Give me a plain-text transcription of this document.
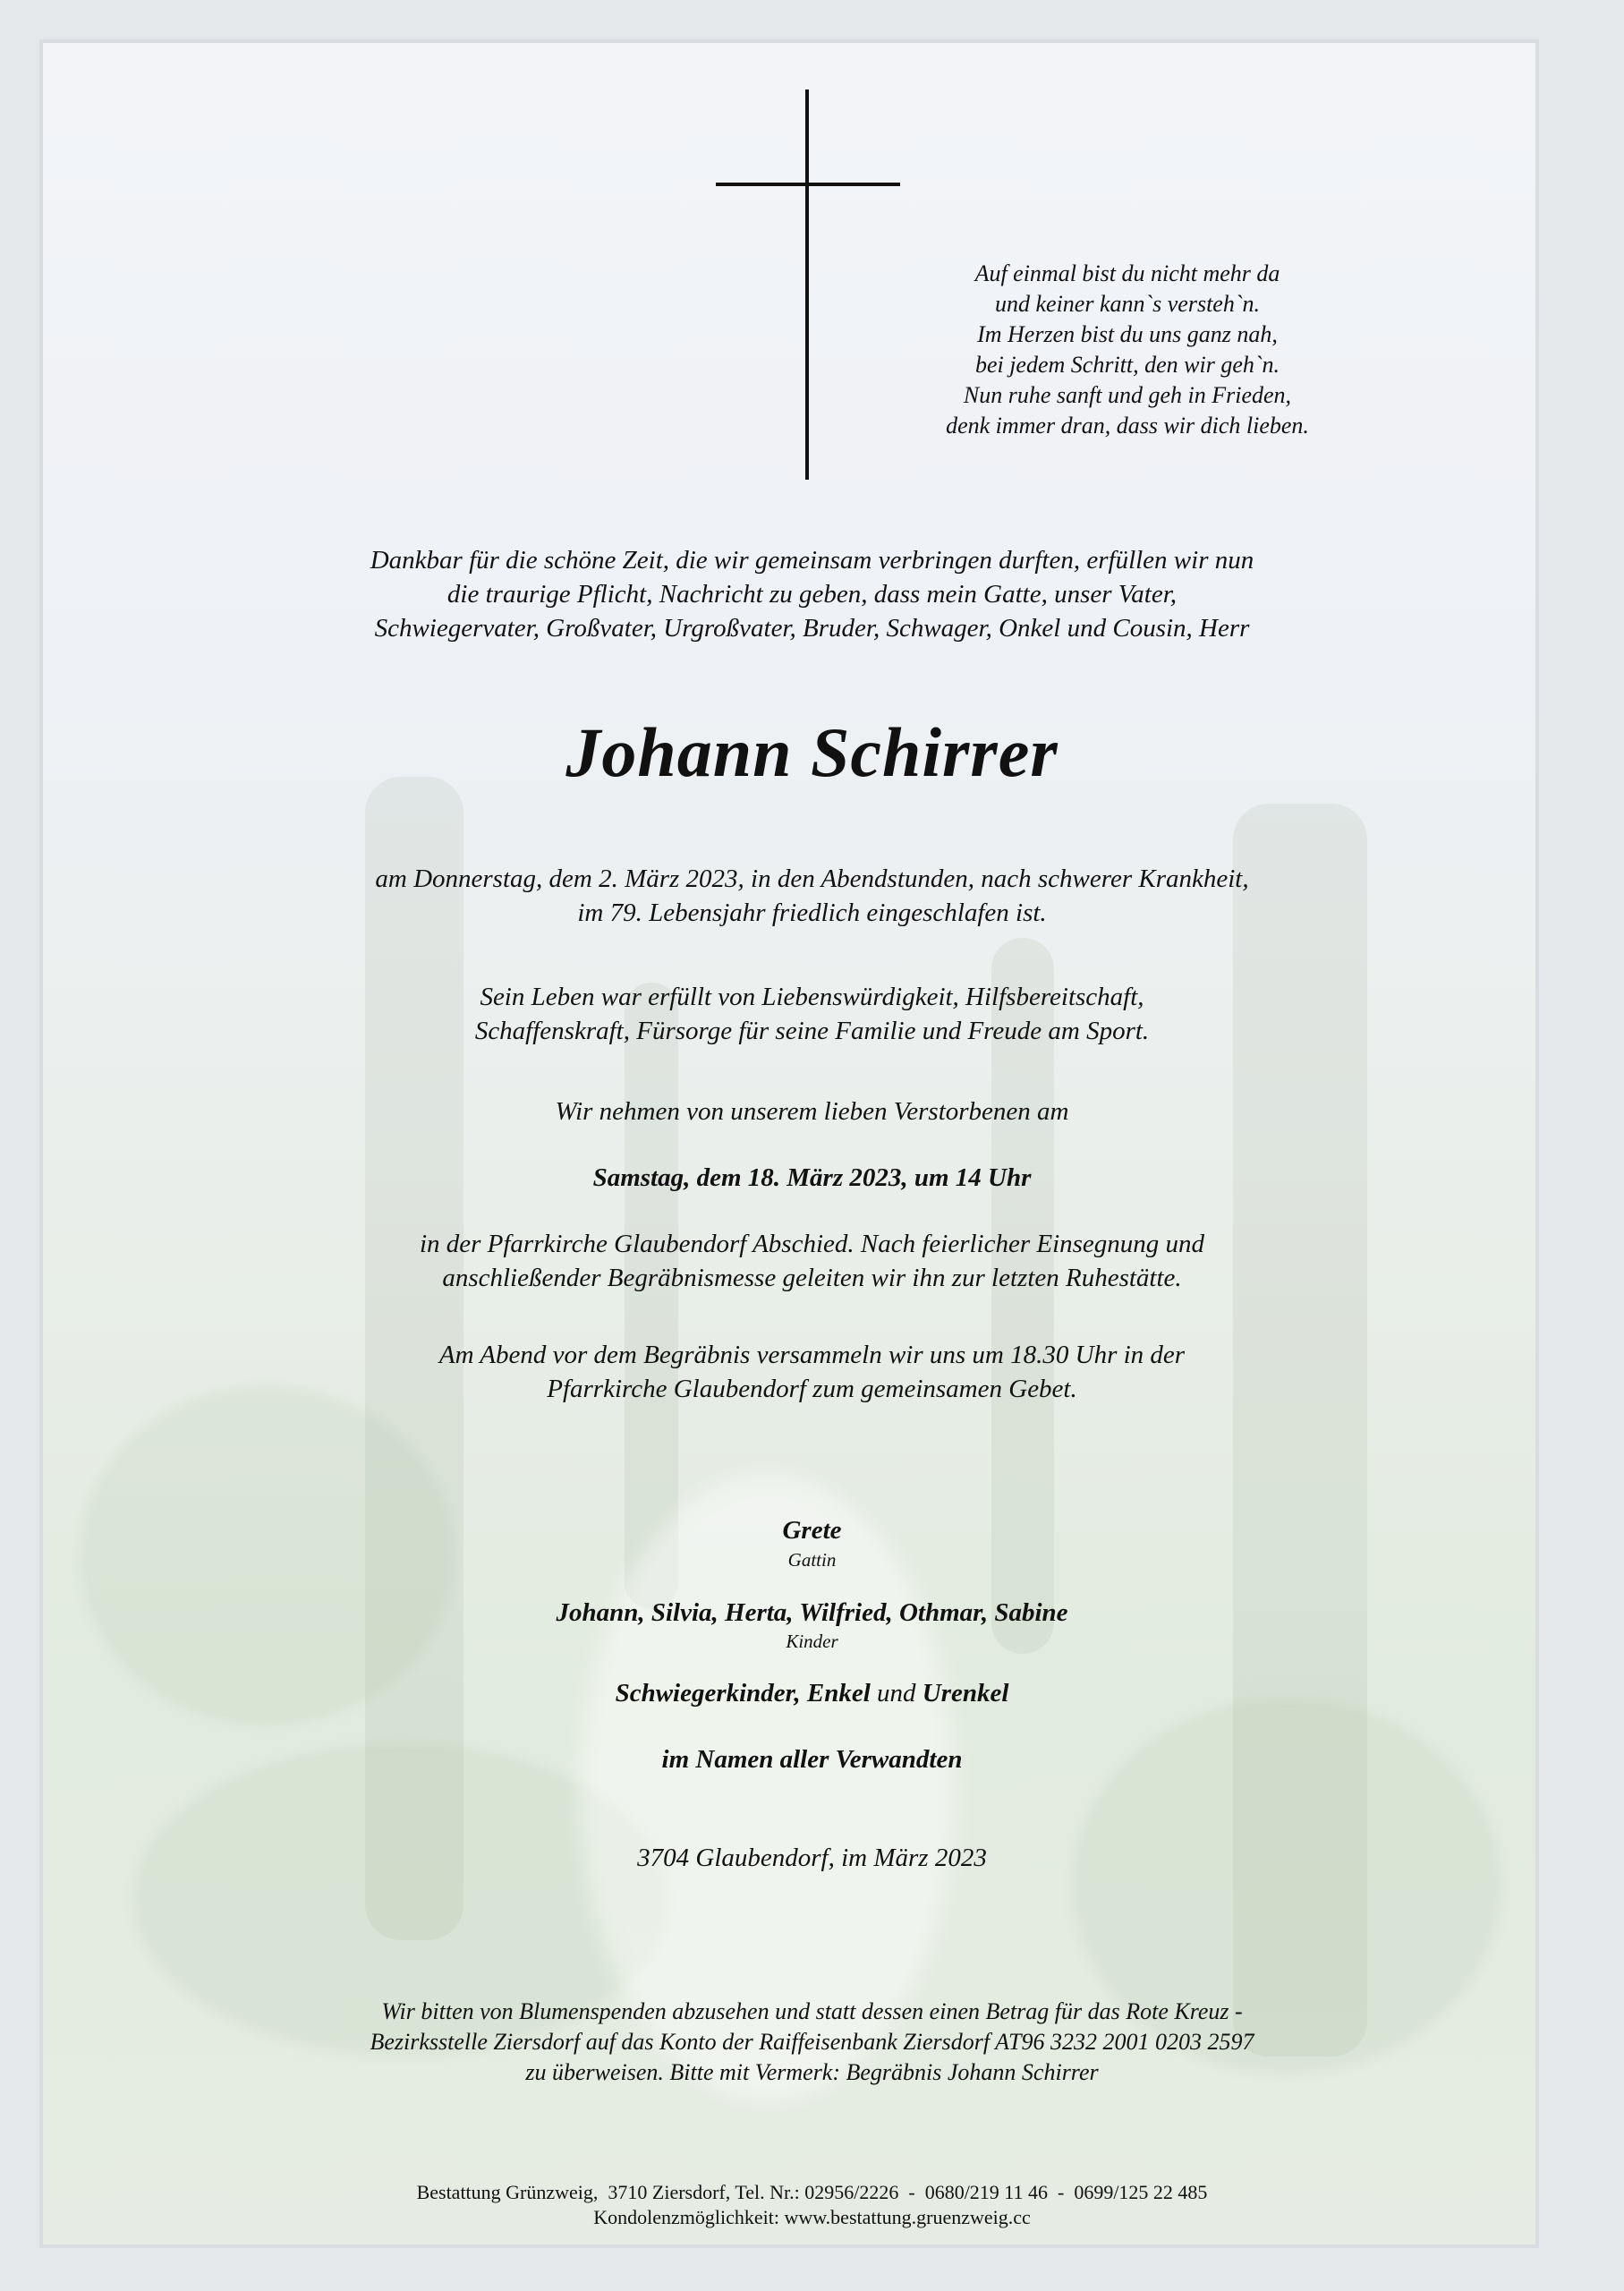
Auf einmal bist du nicht mehr da
und keiner kann`s versteh`n.
Im Herzen bist du uns ganz nah,
bei jedem Schritt, den wir geh`n.
Nun ruhe sanft und geh in Frieden,
denk immer dran, dass wir dich lieben.
Dankbar für die schöne Zeit, die wir gemeinsam verbringen durften, erfüllen wir nun
die traurige Pflicht, Nachricht zu geben, dass mein Gatte, unser Vater,
Schwiegervater, Großvater, Urgroßvater, Bruder, Schwager, Onkel und Cousin, Herr
Johann Schirrer
am Donnerstag, dem 2. März 2023, in den Abendstunden, nach schwerer Krankheit,
im 79. Lebensjahr friedlich eingeschlafen ist.
Sein Leben war erfüllt von Liebenswürdigkeit, Hilfsbereitschaft,
Schaffenskraft, Fürsorge für seine Familie und Freude am Sport.
Wir nehmen von unserem lieben Verstorbenen am
Samstag, dem 18. März 2023, um 14 Uhr
in der Pfarrkirche Glaubendorf Abschied. Nach feierlicher Einsegnung und
anschließender Begräbnismesse geleiten wir ihn zur letzten Ruhestätte.
Am Abend vor dem Begräbnis versammeln wir uns um 18.30 Uhr in der
Pfarrkirche Glaubendorf zum gemeinsamen Gebet.
Grete
Gattin
Johann, Silvia, Herta, Wilfried, Othmar, Sabine
Kinder
Schwiegerkinder, Enkel und Urenkel
im Namen aller Verwandten
3704 Glaubendorf, im März 2023
Wir bitten von Blumenspenden abzusehen und statt dessen einen Betrag für das Rote Kreuz -
Bezirksstelle Ziersdorf auf das Konto der Raiffeisenbank Ziersdorf AT96 3232 2001 0203 2597
zu überweisen. Bitte mit Vermerk: Begräbnis Johann Schirrer
Bestattung Grünzweig,  3710 Ziersdorf, Tel. Nr.: 02956/2226  -  0680/219 11 46  -  0699/125 22 485
Kondolenzmöglichkeit: www.bestattung.gruenzweig.cc
